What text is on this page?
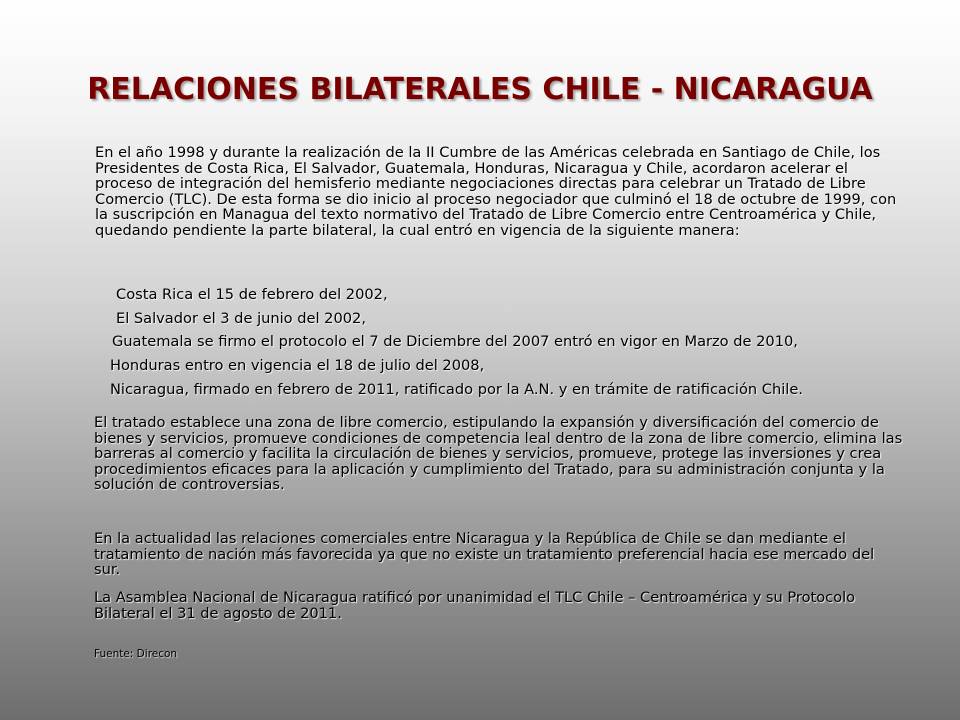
RELACIONES BILATERALES CHILE - NICARAGUA

En el año 1998 y durante la realización de la II Cumbre de las Américas celebrada en Santiago de Chile, los Presidentes de Costa Rica, El Salvador, Guatemala, Honduras, Nicaragua y Chile, acordaron acelerar el proceso de integración del hemisferio mediante negociaciones directas para celebrar un Tratado de Libre Comercio (TLC). De esta forma se dio inicio al proceso negociador que culminó el 18 de octubre de 1999, con la suscripción en Managua del texto normativo del Tratado de Libre Comercio entre Centroamérica y Chile, quedando pendiente la parte bilateral, la cual entró en vigencia de la siguiente manera:

Costa Rica el 15 de febrero del 2002,
El Salvador el 3 de junio del 2002,
Guatemala se firmo el protocolo el 7 de Diciembre del 2007 entró en vigor en Marzo de 2010,
Honduras entro en vigencia el 18 de julio del 2008,
Nicaragua, firmado en febrero de 2011, ratificado por la A.N. y en trámite de ratificación Chile.

El tratado establece una zona de libre comercio, estipulando la expansión y diversificación del comercio de bienes y servicios, promueve condiciones de competencia leal dentro de la zona de libre comercio, elimina las barreras al comercio y facilita la circulación de bienes y servicios, promueve, protege las inversiones y crea procedimientos eficaces para la aplicación y cumplimiento del Tratado, para su administración conjunta y la solución de controversias.

En la actualidad las relaciones comerciales entre Nicaragua y la República de Chile se dan mediante el tratamiento de nación más favorecida ya que no existe un tratamiento preferencial hacia ese mercado del sur.

La Asamblea Nacional de Nicaragua ratificó por unanimidad el TLC Chile – Centroamérica y su Protocolo Bilateral el 31 de agosto de 2011.

Fuente: Direcon
